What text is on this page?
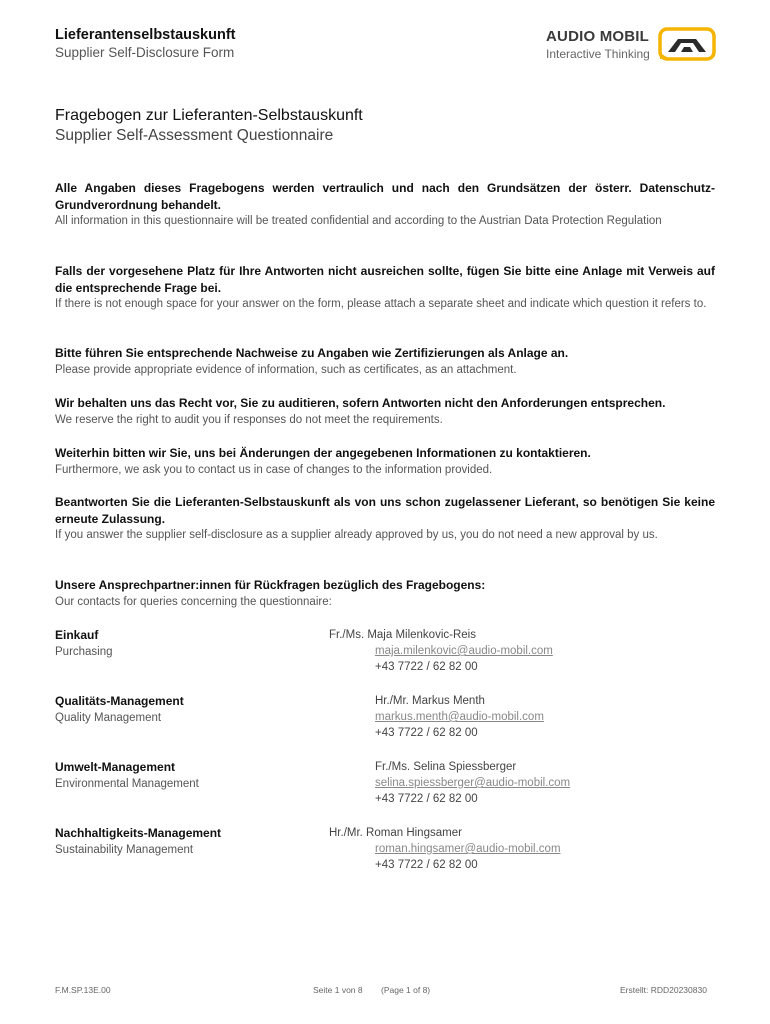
Lieferantenselbstauskunft
Supplier Self-Disclosure Form
AUDIO MOBIL
Interactive Thinking
Fragebogen zur Lieferanten-Selbstauskunft
Supplier Self-Assessment Questionnaire
Alle Angaben dieses Fragebogens werden vertraulich und nach den Grundsätzen der österr. Datenschutz-Grundverordnung behandelt.
All information in this questionnaire will be treated confidential and according to the Austrian Data Protection Regulation
Falls der vorgesehene Platz für Ihre Antworten nicht ausreichen sollte, fügen Sie bitte eine Anlage mit Verweis auf die entsprechende Frage bei.
If there is not enough space for your answer on the form, please attach a separate sheet and indicate which question it refers to.
Bitte führen Sie entsprechende Nachweise zu Angaben wie Zertifizierungen als Anlage an.
Please provide appropriate evidence of information, such as certificates, as an attachment.
Wir behalten uns das Recht vor, Sie zu auditieren, sofern Antworten nicht den Anforderungen entsprechen.
We reserve the right to audit you if responses do not meet the requirements.
Weiterhin bitten wir Sie, uns bei Änderungen der angegebenen Informationen zu kontaktieren.
Furthermore, we ask you to contact us in case of changes to the information provided.
Beantworten Sie die Lieferanten-Selbstauskunft als von uns schon zugelassener Lieferant, so benötigen Sie keine erneute Zulassung.
If you answer the supplier self-disclosure as a supplier already approved by us, you do not need a new approval by us.
Unsere Ansprechpartner:innen für Rückfragen bezüglich des Fragebogens:
Our contacts for queries concerning the questionnaire:
Einkauf
Purchasing
Fr./Ms. Maja Milenkovic-Reis
maja.milenkovic@audio-mobil.com
+43 7722 / 62 82 00
Qualitäts-Management
Quality Management
Hr./Mr. Markus Menth
markus.menth@audio-mobil.com
+43 7722 / 62 82 00
Umwelt-Management
Environmental Management
Fr./Ms. Selina Spiessberger
selina.spiessberger@audio-mobil.com
+43 7722 / 62 82 00
Nachhaltigkeits-Management
Sustainability Management
Hr./Mr. Roman Hingsamer
roman.hingsamer@audio-mobil.com
+43 7722 / 62 82 00
F.M.SP.13E.00	Seite 1 von 8 (Page 1 of 8)	Erstellt: RDD20230830
